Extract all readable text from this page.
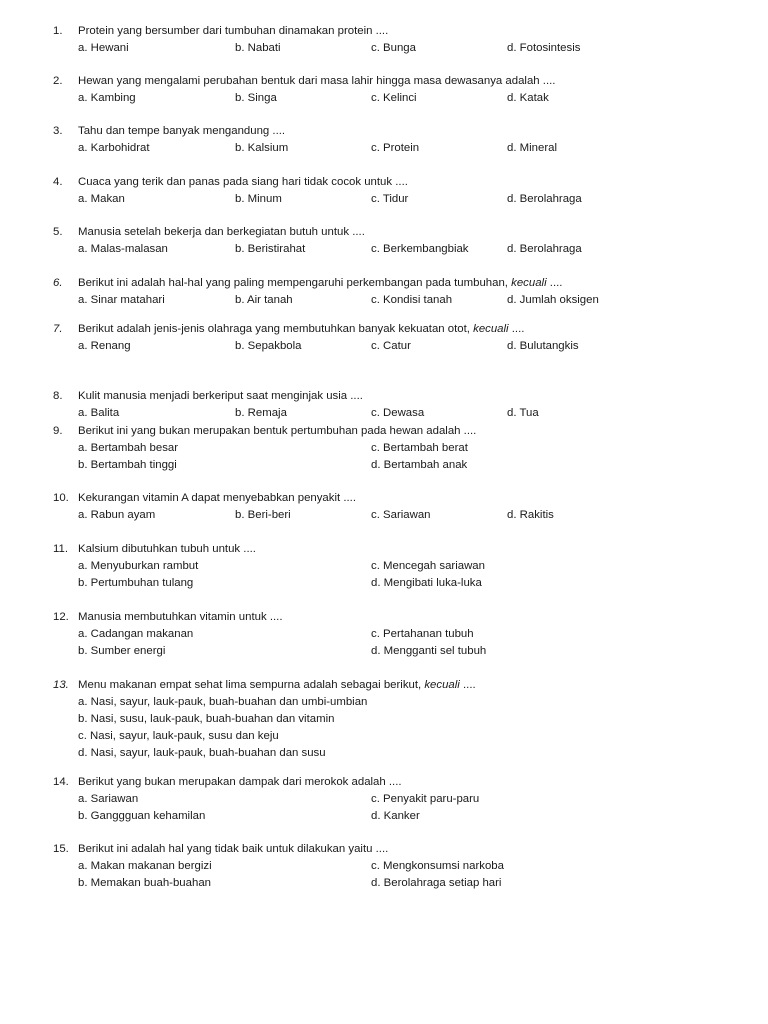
1. Protein yang bersumber dari tumbuhan dinamakan protein ....
a. Hewani	b. Nabati	c. Bunga	d. Fotosintesis
2. Hewan yang mengalami perubahan bentuk dari masa lahir hingga masa dewasanya adalah ....
a. Kambing	b. Singa	c. Kelinci	d. Katak
3. Tahu dan tempe banyak mengandung ....
a. Karbohidrat	b. Kalsium	c. Protein	d. Mineral
4. Cuaca yang terik dan panas pada siang hari tidak cocok untuk ....
a. Makan	b. Minum	c. Tidur	d. Berolahraga
5. Manusia setelah bekerja dan berkegiatan butuh untuk ....
a. Malas-malasan	b. Beristirahat	c. Berkembangbiak	d. Berolahraga
6. Berikut ini adalah hal-hal yang paling mempengaruhi perkembangan pada tumbuhan, kecuali ....
a. Sinar matahari	b. Air tanah	c. Kondisi tanah	d. Jumlah oksigen
7. Berikut adalah jenis-jenis olahraga yang membutuhkan banyak kekuatan otot, kecuali ....
a. Renang	b. Sepakbola	c. Catur	d. Bulutangkis
8. Kulit manusia menjadi berkeriput saat menginjak usia ....
a. Balita	b. Remaja	c. Dewasa	d. Tua
9. Berikut ini yang bukan merupakan bentuk pertumbuhan pada hewan adalah ....
a. Bertambah besar	c. Bertambah berat
b. Bertambah tinggi	d. Bertambah anak
10. Kekurangan vitamin A dapat menyebabkan penyakit ....
a. Rabun ayam	b. Beri-beri	c. Sariawan	d. Rakitis
11. Kalsium dibutuhkan tubuh untuk ....
a. Menyuburkan rambut	c. Mencegah sariawan
b. Pertumbuhan tulang	d. Mengibati luka-luka
12. Manusia membutuhkan vitamin untuk ....
a. Cadangan makanan	c. Pertahanan tubuh
b. Sumber energi	d. Mengganti sel tubuh
13. Menu makanan empat sehat lima sempurna adalah sebagai berikut, kecuali ....
a. Nasi, sayur, lauk-pauk, buah-buahan dan umbi-umbian
b. Nasi, susu, lauk-pauk, buah-buahan dan vitamin
c. Nasi, sayur, lauk-pauk, susu dan keju
d. Nasi, sayur, lauk-pauk, buah-buahan dan susu
14. Berikut yang bukan merupakan dampak dari merokok adalah ....
a. Sariawan	c. Penyakit paru-paru
b. Ganggguan kehamilan	d. Kanker
15. Berikut ini adalah hal yang tidak baik untuk dilakukan yaitu ....
a. Makan makanan bergizi	c. Mengkonsumsi narkoba
b. Memakan buah-buahan	d. Berolahraga setiap hari
